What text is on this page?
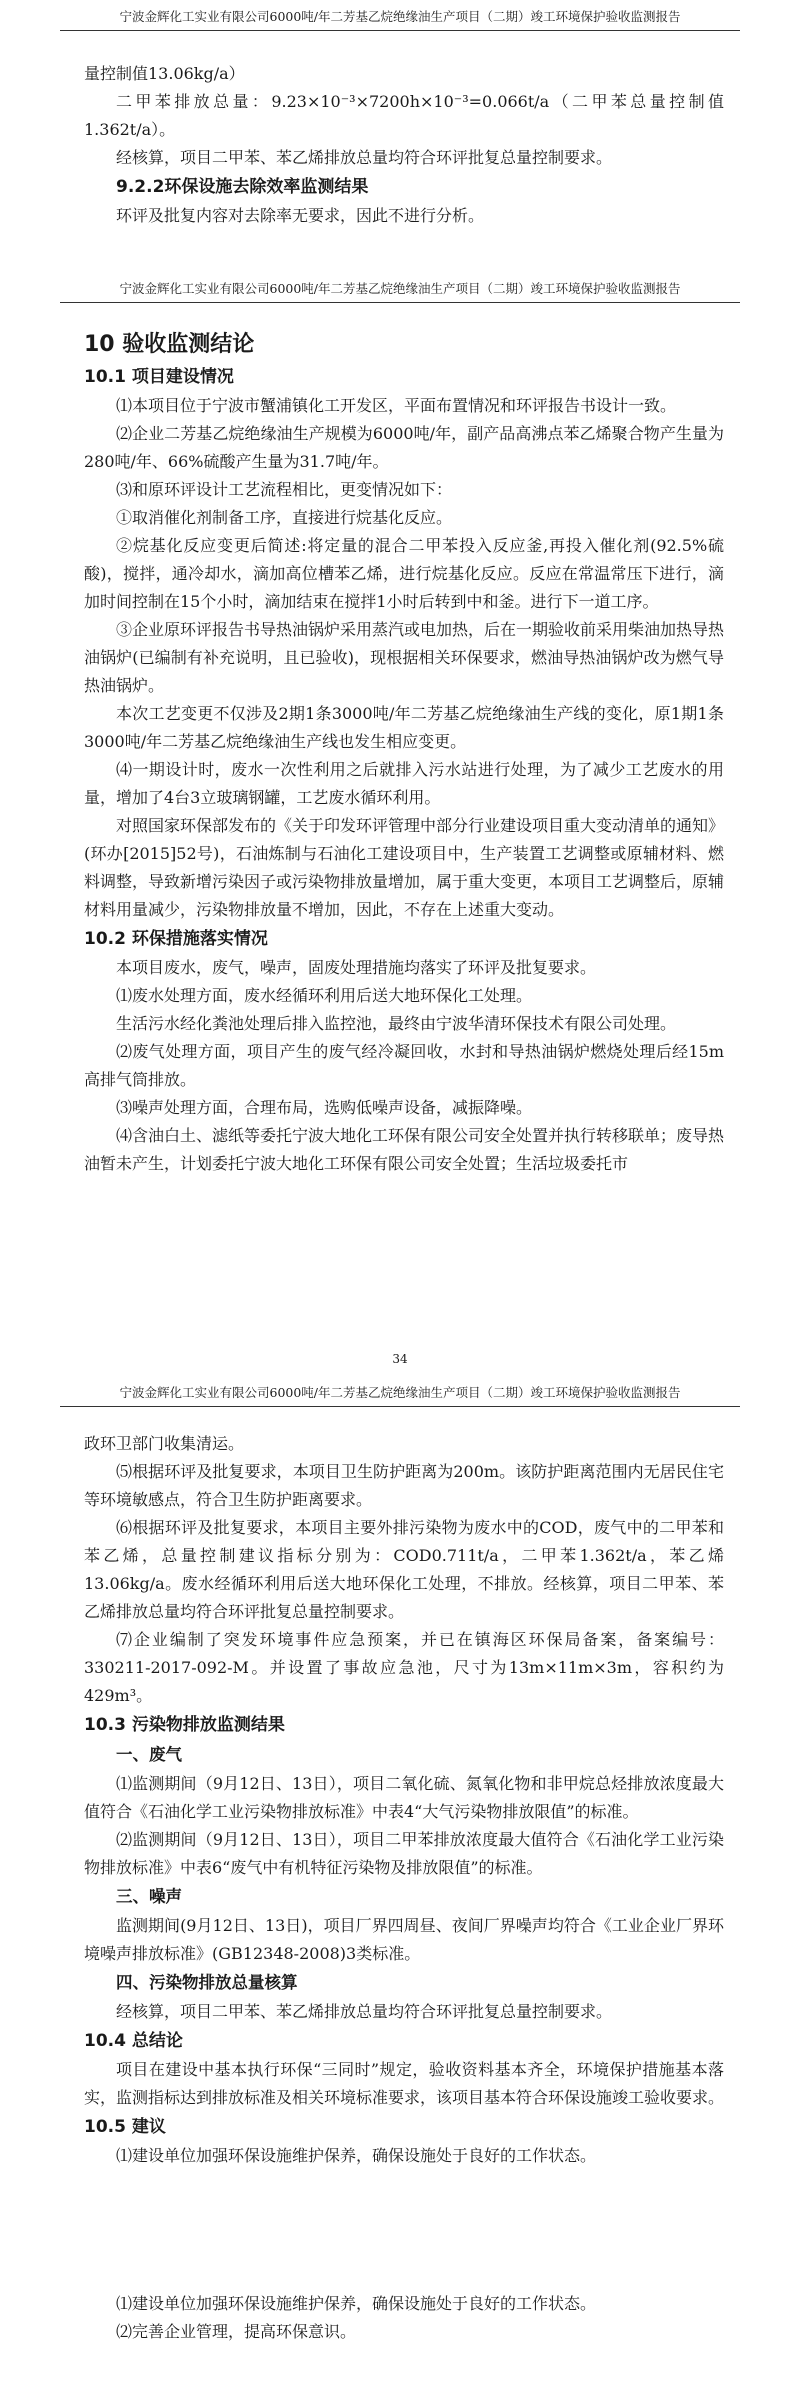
宁波金辉化工实业有限公司6000吨/年二芳基乙烷绝缘油生产项目（二期）竣工环境保护验收监测报告

量控制值13.06kg/a）

二甲苯排放总量：9.23×10⁻³×7200h×10⁻³=0.066t/a（二甲苯总量控制值1.362t/a）。

经核算，项目二甲苯、苯乙烯排放总量均符合环评批复总量控制要求。

9.2.2环保设施去除效率监测结果

环评及批复内容对去除率无要求，因此不进行分析。

宁波金辉化工实业有限公司6000吨/年二芳基乙烷绝缘油生产项目（二期）竣工环境保护验收监测报告
10 验收监测结论
10.1 项目建设情况

⑴本项目位于宁波市蟹浦镇化工开发区，平面布置情况和环评报告书设计一致。

⑵企业二芳基乙烷绝缘油生产规模为6000吨/年，副产品高沸点苯乙烯聚合物产生量为280吨/年、66%硫酸产生量为31.7吨/年。

⑶和原环评设计工艺流程相比，更变情况如下：

①取消催化剂制备工序，直接进行烷基化反应。

②烷基化反应变更后简述:将定量的混合二甲苯投入反应釜,再投入催化剂(92.5%硫酸)，搅拌，通冷却水，滴加高位槽苯乙烯，进行烷基化反应。反应在常温常压下进行，滴加时间控制在15个小时，滴加结束在搅拌1小时后转到中和釜。进行下一道工序。

③企业原环评报告书导热油锅炉采用蒸汽或电加热，后在一期验收前采用柴油加热导热油锅炉(已编制有补充说明，且已验收)，现根据相关环保要求，燃油导热油锅炉改为燃气导热油锅炉。

本次工艺变更不仅涉及2期1条3000吨/年二芳基乙烷绝缘油生产线的变化，原1期1条3000吨/年二芳基乙烷绝缘油生产线也发生相应变更。

⑷一期设计时，废水一次性利用之后就排入污水站进行处理，为了减少工艺废水的用量，增加了4台3立玻璃钢罐，工艺废水循环利用。

对照国家环保部发布的《关于印发环评管理中部分行业建设项目重大变动清单的通知》(环办[2015]52号)，石油炼制与石油化工建设项目中，生产装置工艺调整或原辅材料、燃料调整，导致新增污染因子或污染物排放量增加，属于重大变更，本项目工艺调整后，原辅材料用量减少，污染物排放量不增加，因此，不存在上述重大变动。

10.2 环保措施落实情况

本项目废水，废气，噪声，固废处理措施均落实了环评及批复要求。

⑴废水处理方面，废水经循环利用后送大地环保化工处理。

生活污水经化粪池处理后排入监控池，最终由宁波华清环保技术有限公司处理。

⑵废气处理方面，项目产生的废气经冷凝回收，水封和导热油锅炉燃烧处理后经15m高排气筒排放。

⑶噪声处理方面，合理布局，选购低噪声设备，减振降噪。

⑷含油白土、滤纸等委托宁波大地化工环保有限公司安全处置并执行转移联单；废导热油暂未产生，计划委托宁波大地化工环保有限公司安全处置；生活垃圾委托市

34
宁波金辉化工实业有限公司6000吨/年二芳基乙烷绝缘油生产项目（二期）竣工环境保护验收监测报告

政环卫部门收集清运。

⑸根据环评及批复要求，本项目卫生防护距离为200m。该防护距离范围内无居民住宅等环境敏感点，符合卫生防护距离要求。

⑹根据环评及批复要求，本项目主要外排污染物为废水中的COD，废气中的二甲苯和苯乙烯，总量控制建议指标分别为：COD0.711t/a，二甲苯1.362t/a，苯乙烯13.06kg/a。废水经循环利用后送大地环保化工处理，不排放。经核算，项目二甲苯、苯乙烯排放总量均符合环评批复总量控制要求。

⑺企业编制了突发环境事件应急预案，并已在镇海区环保局备案，备案编号：330211-2017-092-M。并设置了事故应急池，尺寸为13m×11m×3m，容积约为429m³。

10.3 污染物排放监测结果
一、废气

⑴监测期间（9月12日、13日），项目二氧化硫、氮氧化物和非甲烷总烃排放浓度最大值符合《石油化学工业污染物排放标准》中表4“大气污染物排放限值”的标准。

⑵监测期间（9月12日、13日），项目二甲苯排放浓度最大值符合《石油化学工业污染物排放标准》中表6“废气中有机特征污染物及排放限值”的标准。

三、噪声

监测期间(9月12日、13日)，项目厂界四周昼、夜间厂界噪声均符合《工业企业厂界环境噪声排放标准》(GB12348-2008)3类标准。

四、污染物排放总量核算

经核算，项目二甲苯、苯乙烯排放总量均符合环评批复总量控制要求。

10.4 总结论

项目在建设中基本执行环保“三同时”规定，验收资料基本齐全，环境保护措施基本落实，监测指标达到排放标准及相关环境标准要求，该项目基本符合环保设施竣工验收要求。

10.5 建议

⑴建设单位加强环保设施维护保养，确保设施处于良好的工作状态。

⑴建设单位加强环保设施维护保养，确保设施处于良好的工作状态。

⑵完善企业管理，提高环保意识。
